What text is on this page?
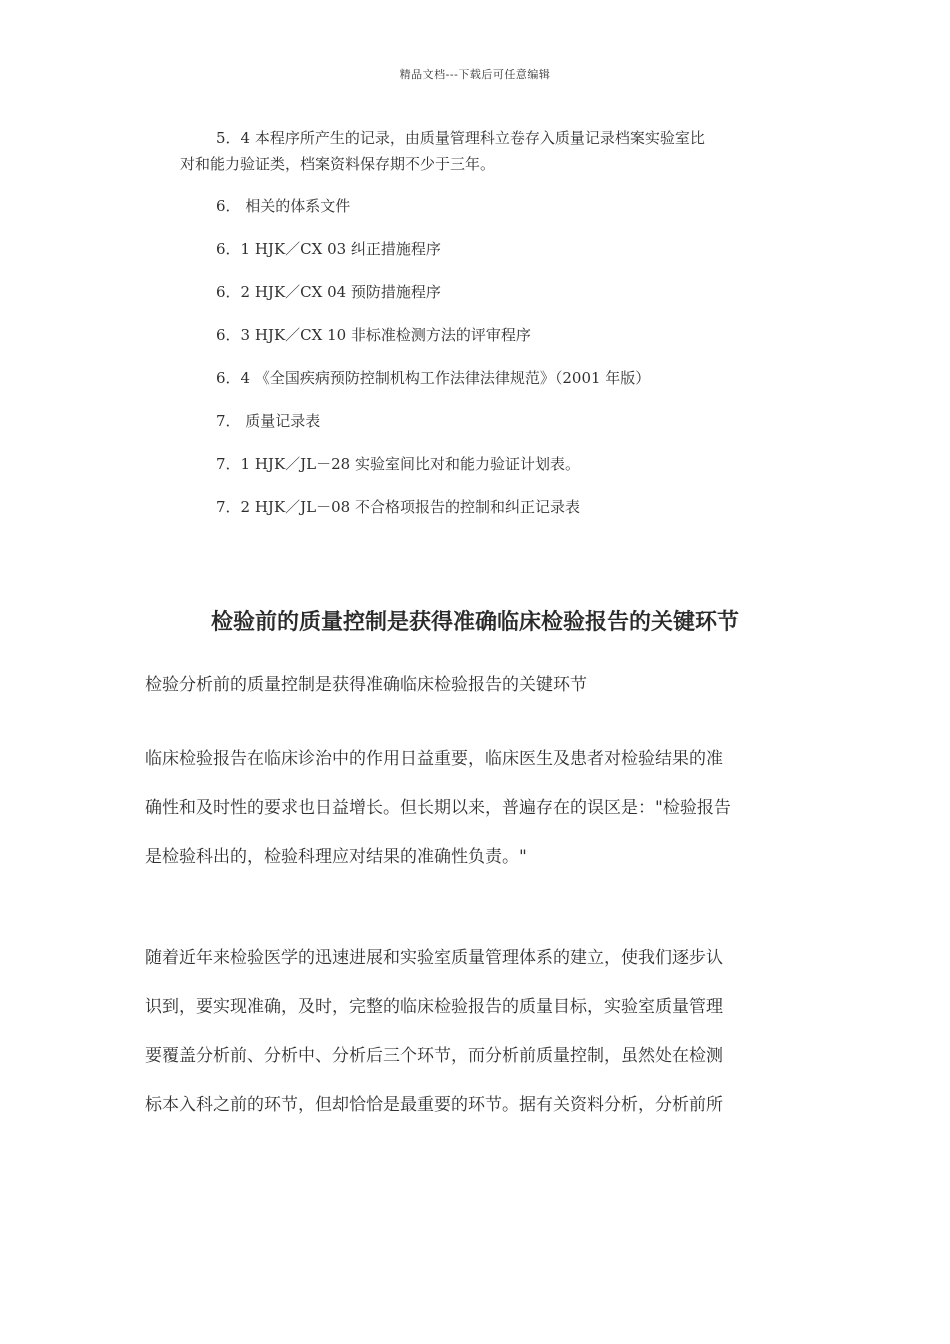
精品文档---下载后可任意编辑
5．4 本程序所产生的记录，由质量管理科立卷存入质量记录档案实验室比
对和能力验证类，档案资料保存期不少于三年。
6． 相关的体系文件
6．1 HJK／CX 03 纠正措施程序
6．2 HJK／CX 04 预防措施程序
6．3 HJK／CX 10 非标准检测方法的评审程序
6．4 《全国疾病预防控制机构工作法律法律规范》（2001 年版）
7． 质量记录表
7．1 HJK／JL－28 实验室间比对和能力验证计划表。
7．2 HJK／JL－08 不合格项报告的控制和纠正记录表
检验前的质量控制是获得准确临床检验报告的关键环节
检验分析前的质量控制是获得准确临床检验报告的关键环节
临床检验报告在临床诊治中的作用日益重要，临床医生及患者对检验结果的准
确性和及时性的要求也日益增长。但长期以来，普遍存在的误区是："检验报告
是检验科出的，检验科理应对结果的准确性负责。"
随着近年来检验医学的迅速进展和实验室质量管理体系的建立，使我们逐步认
识到，要实现准确，及时，完整的临床检验报告的质量目标，实验室质量管理
要覆盖分析前、分析中、分析后三个环节，而分析前质量控制，虽然处在检测
标本入科之前的环节，但却恰恰是最重要的环节。据有关资料分析，分析前所
